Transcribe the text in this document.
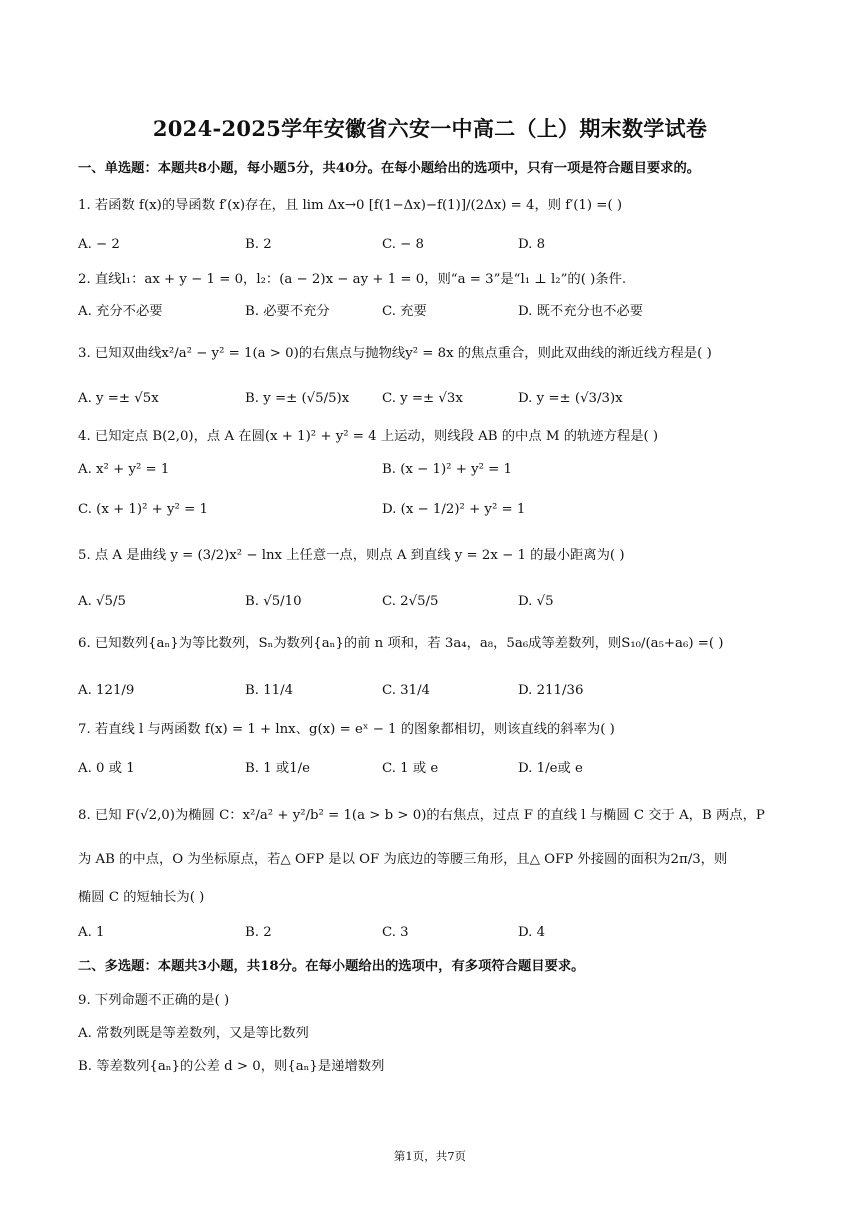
2024-2025学年安徽省六安一中高二（上）期末数学试卷
一、单选题：本题共8小题，每小题5分，共40分。在每小题给出的选项中，只有一项是符合题目要求的。
1. 若函数 f(x)的导函数 f′(x)存在，且 lim Δx→0 [f(1−Δx)−f(1)]/(2Δx) = 4，则 f′(1) =( )
A. − 2	B. 2	C. − 8	D. 8
2. 直线l₁：ax + y − 1 = 0，l₂：(a − 2)x − ay + 1 = 0，则“a = 3”是“l₁ ⊥ l₂”的( )条件.
A. 充分不必要	B. 必要不充分	C. 充要	D. 既不充分也不必要
3. 已知双曲线x²/a² − y² = 1(a > 0)的右焦点与抛物线y² = 8x 的焦点重合，则此双曲线的渐近线方程是( )
A. y =± √5x	B. y =± (√5/5)x C. y =± √3x	D. y =± (√3/3)x
4. 已知定点 B(2,0)，点 A 在圆(x + 1)² + y² = 4 上运动，则线段 AB 的中点 M 的轨迹方程是( )
A. x² + y² = 1	B. (x − 1)² + y² = 1
C. (x + 1)² + y² = 1	D. (x − 1/2)² + y² = 1
5. 点 A 是曲线 y = (3/2)x² − lnx 上任意一点，则点 A 到直线 y = 2x − 1 的最小距离为( )
A. √5/5	B. √5/10	C. 2√5/5	D. √5
6. 已知数列{aₙ}为等比数列，Sₙ为数列{aₙ}的前 n 项和，若 3a₄，a₈，5a₆成等差数列，则S₁₀/(a₅+a₆) =( )
A. 121/9	B. 11/4	C. 31/4	D. 211/36
7. 若直线 l 与两函数 f(x) = 1 + lnx、g(x) = eˣ − 1 的图象都相切，则该直线的斜率为( )
A. 0 或 1	B. 1 或1/e	C. 1 或 e	D. 1/e或 e
8. 已知 F(√2,0)为椭圆 C：x²/a² + y²/b² = 1(a > b > 0)的右焦点，过点 F 的直线 l 与椭圆 C 交于 A，B 两点，P
为 AB 的中点，O 为坐标原点，若△ OFP 是以 OF 为底边的等腰三角形，且△ OFP 外接圆的面积为2π/3，则
椭圆 C 的短轴长为( )
A. 1	B. 2	C. 3	D. 4
二、多选题：本题共3小题，共18分。在每小题给出的选项中，有多项符合题目要求。
9. 下列命题不正确的是( )
A. 常数列既是等差数列，又是等比数列
B. 等差数列{aₙ}的公差 d > 0，则{aₙ}是递增数列
第1页，共7页
